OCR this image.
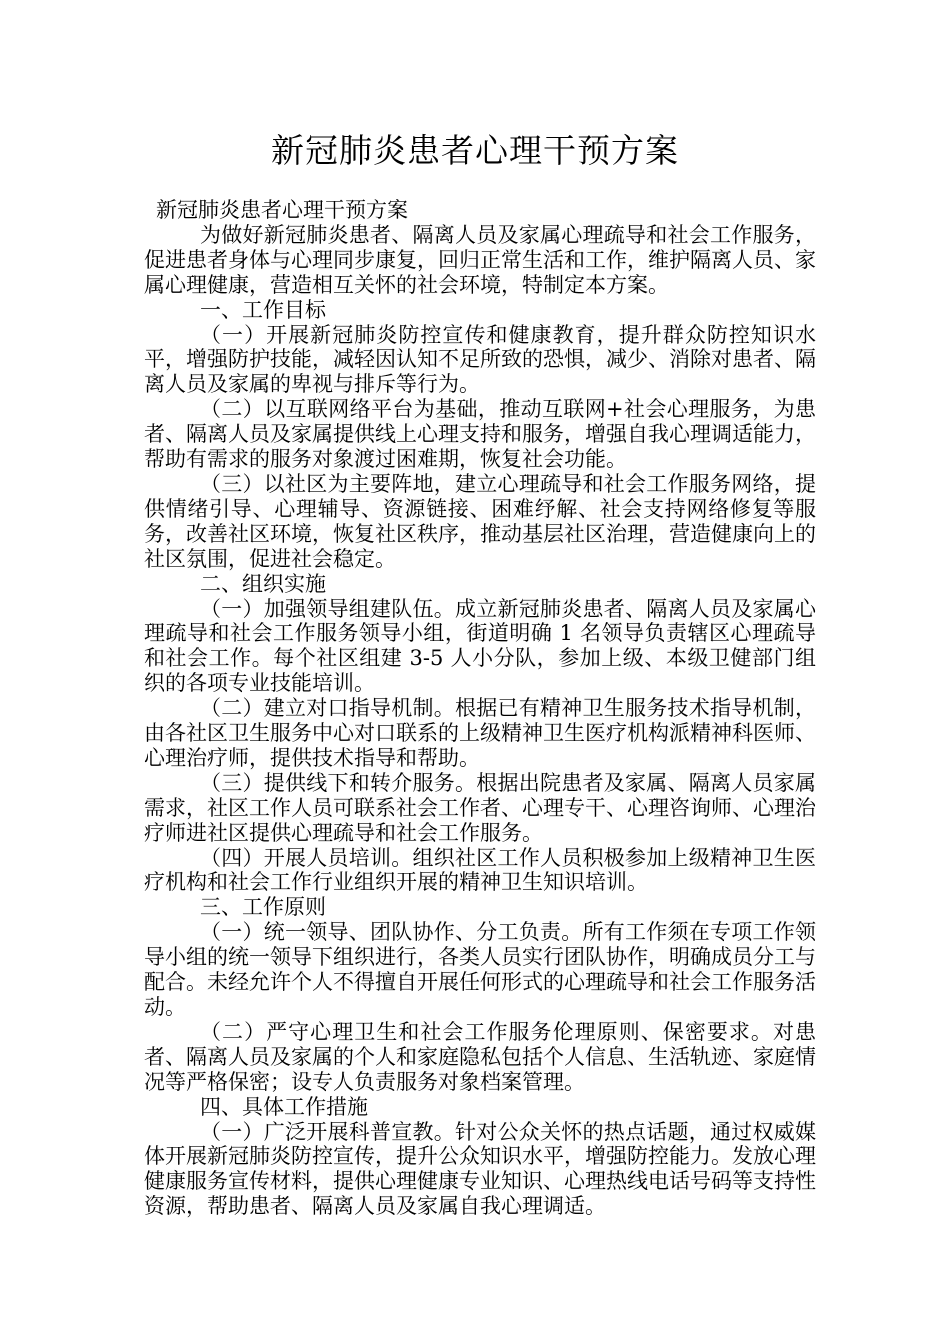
新冠肺炎患者心理干预方案

新冠肺炎患者心理干预方案

为做好新冠肺炎患者、隔离人员及家属心理疏导和社会工作服务，促进患者身体与心理同步康复，回归正常生活和工作，维护隔离人员、家属心理健康，营造相互关怀的社会环境，特制定本方案。

一、工作目标

（一）开展新冠肺炎防控宣传和健康教育，提升群众防控知识水平，增强防护技能，减轻因认知不足所致的恐惧，减少、消除对患者、隔离人员及家属的卑视与排斥等行为。

（二）以互联网络平台为基础，推动互联网+社会心理服务，为患者、隔离人员及家属提供线上心理支持和服务，增强自我心理调适能力，帮助有需求的服务对象渡过困难期，恢复社会功能。

（三）以社区为主要阵地，建立心理疏导和社会工作服务网络，提供情绪引导、心理辅导、资源链接、困难纾解、社会支持网络修复等服务，改善社区环境，恢复社区秩序，推动基层社区治理，营造健康向上的社区氛围，促进社会稳定。

二、组织实施

（一）加强领导组建队伍。成立新冠肺炎患者、隔离人员及家属心理疏导和社会工作服务领导小组，街道明确 1 名领导负责辖区心理疏导和社会工作。每个社区组建 3-5 人小分队，参加上级、本级卫健部门组织的各项专业技能培训。

（二）建立对口指导机制。根据已有精神卫生服务技术指导机制，由各社区卫生服务中心对口联系的上级精神卫生医疗机构派精神科医师、心理治疗师，提供技术指导和帮助。

（三）提供线下和转介服务。根据出院患者及家属、隔离人员家属需求，社区工作人员可联系社会工作者、心理专干、心理咨询师、心理治疗师进社区提供心理疏导和社会工作服务。

（四）开展人员培训。组织社区工作人员积极参加上级精神卫生医疗机构和社会工作行业组织开展的精神卫生知识培训。

三、工作原则

（一）统一领导、团队协作、分工负责。所有工作须在专项工作领导小组的统一领导下组织进行，各类人员实行团队协作，明确成员分工与配合。未经允许个人不得擅自开展任何形式的心理疏导和社会工作服务活动。

（二）严守心理卫生和社会工作服务伦理原则、保密要求。对患者、隔离人员及家属的个人和家庭隐私包括个人信息、生活轨迹、家庭情况等严格保密；设专人负责服务对象档案管理。

四、具体工作措施

（一）广泛开展科普宣教。针对公众关怀的热点话题，通过权威媒体开展新冠肺炎防控宣传，提升公众知识水平，增强防控能力。发放心理健康服务宣传材料，提供心理健康专业知识、心理热线电话号码等支持性资源，帮助患者、隔离人员及家属自我心理调适。
